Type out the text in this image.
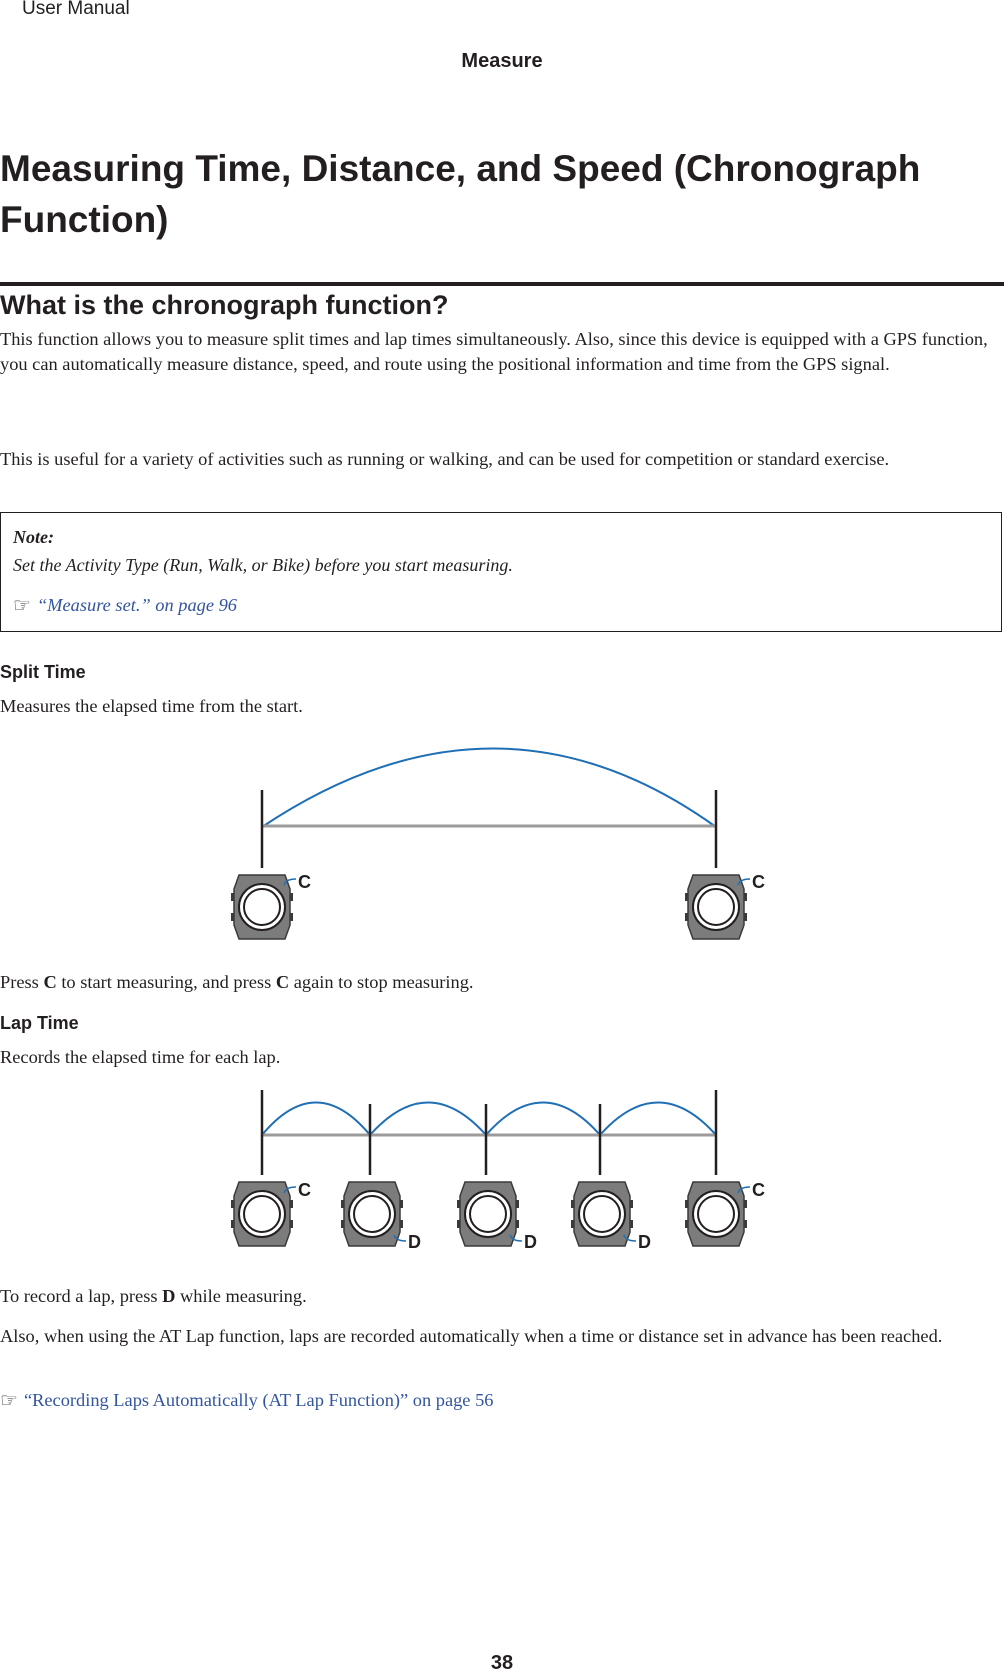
User Manual
Measure
Measuring Time, Distance, and Speed (Chronograph Function)
What is the chronograph function?

This function allows you to measure split times and lap times simultaneously. Also, since this device is equipped with a GPS function, you can automatically measure distance, speed, and route using the positional information and time from the GPS signal.

This is useful for a variety of activities such as running or walking, and can be used for competition or standard exercise.

Note:
Set the Activity Type (Run, Walk, or Bike) before you start measuring.
☞ “Measure set.” on page 96
Split Time

Measures the elapsed time from the start.

C	C

Press C to start measuring, and press C again to stop measuring.

Lap Time

Records the elapsed time for each lap.

C
D	D	D
C

To record a lap, press D while measuring.

Also, when using the AT Lap function, laps are recorded automatically when a time or distance set in advance has been reached.

☞ “Recording Laps Automatically (AT Lap Function)” on page 56
38
